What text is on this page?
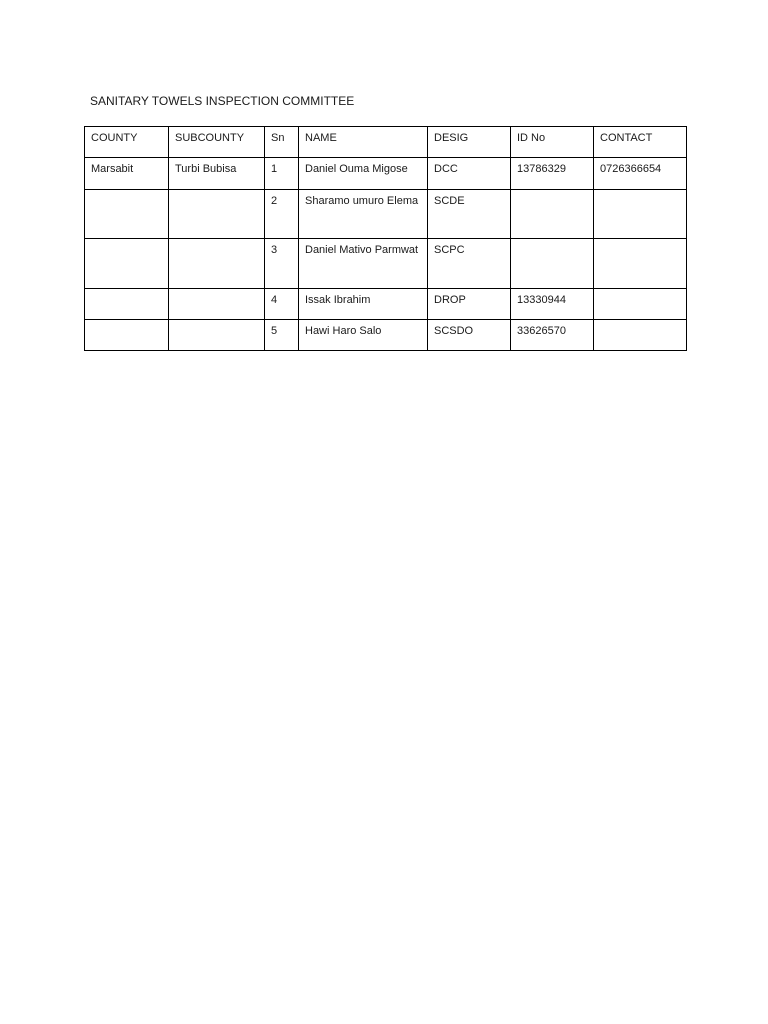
SANITARY TOWELS INSPECTION COMMITTEE
COUNTY	SUBCOUNTY	Sn	NAME	DESIG	ID No	CONTACT
Marsabit	Turbi Bubisa	1	Daniel Ouma Migose	DCC	13786329	0726366654
		2	Sharamo umuro Elema	SCDE		
		3	Daniel Mativo Parmwat	SCPC		
		4	Issak Ibrahim	DROP	13330944	
		5	Hawi Haro Salo	SCSDO	33626570	
